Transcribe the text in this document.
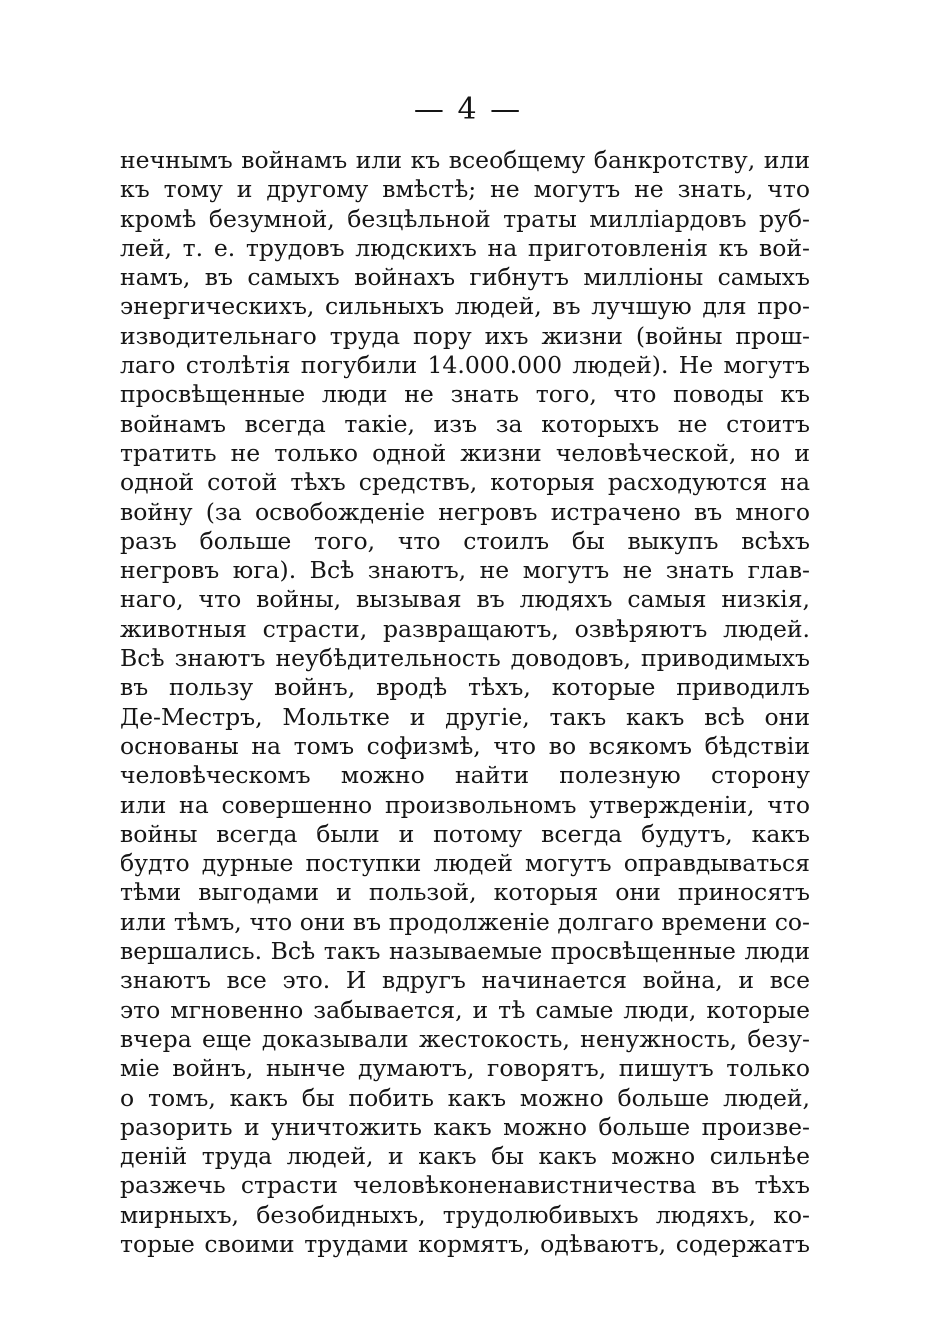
— 4 —
нечнымъ войнамъ или къ всеобщему банкротству, или
къ тому и другому вмѣстѣ; не могутъ не знать, что
кромѣ безумной, безцѣльной траты миллiардовъ руб-
лей, т. е. трудовъ людскихъ на приготовленiя къ вой-
намъ, въ самыхъ войнахъ гибнутъ миллiоны самыхъ
энергическихъ, сильныхъ людей, въ лучшую для про-
изводительнаго труда пору ихъ жизни (войны прош-
лаго столѣтiя погубили 14.000.000 людей). Не могутъ
просвѣщенные люди не знать того, что поводы къ
войнамъ всегда такiе, изъ за которыхъ не стоитъ
тратить не только одной жизни человѣческой, но и
одной сотой тѣхъ средствъ, которыя расходуются на
войну (за освобожденiе негровъ истрачено въ много
разъ больше того, что стоилъ бы выкупъ всѣхъ
негровъ юга). Всѣ знаютъ, не могутъ не знать глав-
наго, что войны, вызывая въ людяхъ самыя низкiя,
животныя страсти, развращаютъ, озвѣряютъ людей.
Всѣ знаютъ неубѣдительность доводовъ, приводимыхъ
въ пользу войнъ, вродѣ тѣхъ, которые приводилъ
Де-Местръ, Мольтке и другiе, такъ какъ всѣ они
основаны на томъ софизмѣ, что во всякомъ бѣдствiи
человѣческомъ можно найти полезную сторону
или на совершенно произвольномъ утвержденiи, что
войны всегда были и потому всегда будутъ, какъ
будто дурные поступки людей могутъ оправдываться
тѣми выгодами и пользой, которыя они приносятъ
или тѣмъ, что они въ продолженiе долгаго времени со-
вершались. Всѣ такъ называемые просвѣщенные люди
знаютъ все это. И вдругъ начинается война, и все
это мгновенно забывается, и тѣ самые люди, которые
вчера еще доказывали жестокость, ненужность, безу-
мiе войнъ, нынче думаютъ, говорятъ, пишутъ только
о томъ, какъ бы побить какъ можно больше людей,
разорить и уничтожить какъ можно больше произве-
денiй труда людей, и какъ бы какъ можно сильнѣе
разжечь страсти человѣконенавистничества въ тѣхъ
мирныхъ, безобидныхъ, трудолюбивыхъ людяхъ, ко-
торые своими трудами кормятъ, одѣваютъ, содержатъ
